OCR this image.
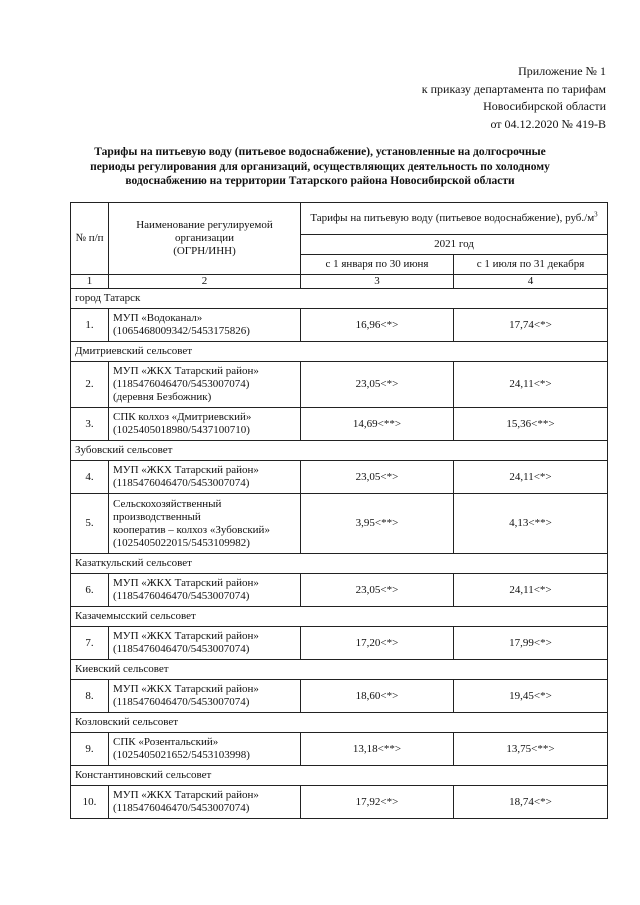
Приложение № 1
к приказу департамента по тарифам
Новосибирской области
от 04.12.2020 № 419-В
Тарифы на питьевую воду (питьевое водоснабжение), установленные на долгосрочные
периоды регулирования для организаций, осуществляющих деятельность по холодному
водоснабжению на территории Татарского района Новосибирской области
№ п/п	Наименование регулируемой
организации
(ОГРН/ИНН)	Тарифы на питьевую воду (питьевое водоснабжение), $руб./м^3$
		2021 год	
		с 1 января по 30 июня	с 1 июля по 31 декабря
1	2	3	4
город Татарск			
1.	МУП «Водоканал»
(1065468009342/5453175826)	16,96<*>	17,74<*>
Дмитриевский сельсовет			
2.	МУП «ЖКХ Татарский район»
(1185476046470/5453007074)
(деревня Безбожник)	23,05<*>	24,11<*>
3.	СПК колхоз «Дмитриевский»
(1025405018980/5437100710)	14,69<**>	15,36<**>
Зубовский сельсовет			
4.	МУП «ЖКХ Татарский район»
(1185476046470/5453007074)	23,05<*>	24,11<*>
5.	Сельскохозяйственный
производственный
кооператив – колхоз «Зубовский»
(1025405022015/5453109982)	3,95<**>	4,13<**>
Казаткульский сельсовет			
6.	МУП «ЖКХ Татарский район»
(1185476046470/5453007074)	23,05<*>	24,11<*>
Казачемысский сельсовет			
7.	МУП «ЖКХ Татарский район»
(1185476046470/5453007074)	17,20<*>	17,99<*>
Киевский сельсовет			
8.	МУП «ЖКХ Татарский район»
(1185476046470/5453007074)	18,60<*>	19,45<*>
Козловский сельсовет			
9.	СПК «Розентальский»
(1025405021652/5453103998)	13,18<**>	13,75<**>
Константиновский сельсовет			
10.	МУП «ЖКХ Татарский район»
(1185476046470/5453007074)	17,92<*>	18,74<*>
